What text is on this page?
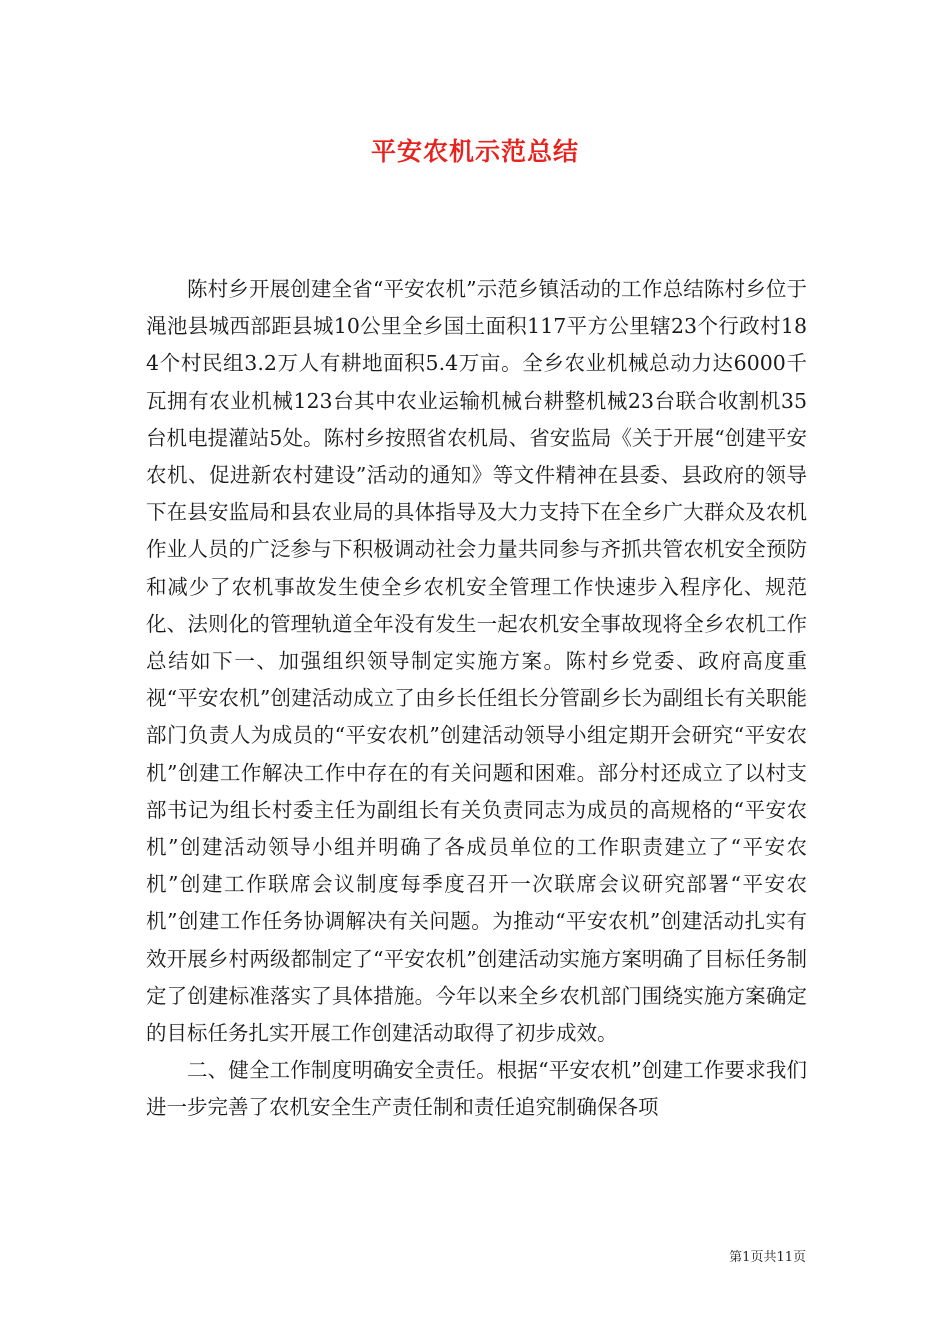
平安农机示范总结

陈村乡开展创建全省“平安农机”示范乡镇活动的工作总结陈村乡位于渑池县城西部距县城10公里全乡国土面积117平方公里辖23个行政村184个村民组3.2万人有耕地面积5.4万亩。全乡农业机械总动力达6000千瓦拥有农业机械123台其中农业运输机械台耕整机械23台联合收割机35台机电提灌站5处。陈村乡按照省农机局、省安监局《关于开展“创建平安农机、促进新农村建设”活动的通知》等文件精神在县委、县政府的领导下在县安监局和县农业局的具体指导及大力支持下在全乡广大群众及农机作业人员的广泛参与下积极调动社会力量共同参与齐抓共管农机安全预防和减少了农机事故发生使全乡农机安全管理工作快速步入程序化、规范化、法则化的管理轨道全年没有发生一起农机安全事故现将全乡农机工作总结如下一、加强组织领导制定实施方案。陈村乡党委、政府高度重视“平安农机”创建活动成立了由乡长任组长分管副乡长为副组长有关职能部门负责人为成员的“平安农机”创建活动领导小组定期开会研究“平安农机”创建工作解决工作中存在的有关问题和困难。部分村还成立了以村支部书记为组长村委主任为副组长有关负责同志为成员的高规格的“平安农机”创建活动领导小组并明确了各成员单位的工作职责建立了“平安农机”创建工作联席会议制度每季度召开一次联席会议研究部署“平安农机”创建工作任务协调解决有关问题。为推动“平安农机”创建活动扎实有效开展乡村两级都制定了“平安农机”创建活动实施方案明确了目标任务制定了创建标准落实了具体措施。今年以来全乡农机部门围绕实施方案确定的目标任务扎实开展工作创建活动取得了初步成效。

二、健全工作制度明确安全责任。根据“平安农机”创建工作要求我们进一步完善了农机安全生产责任制和责任追究制确保各项

第1页共11页
